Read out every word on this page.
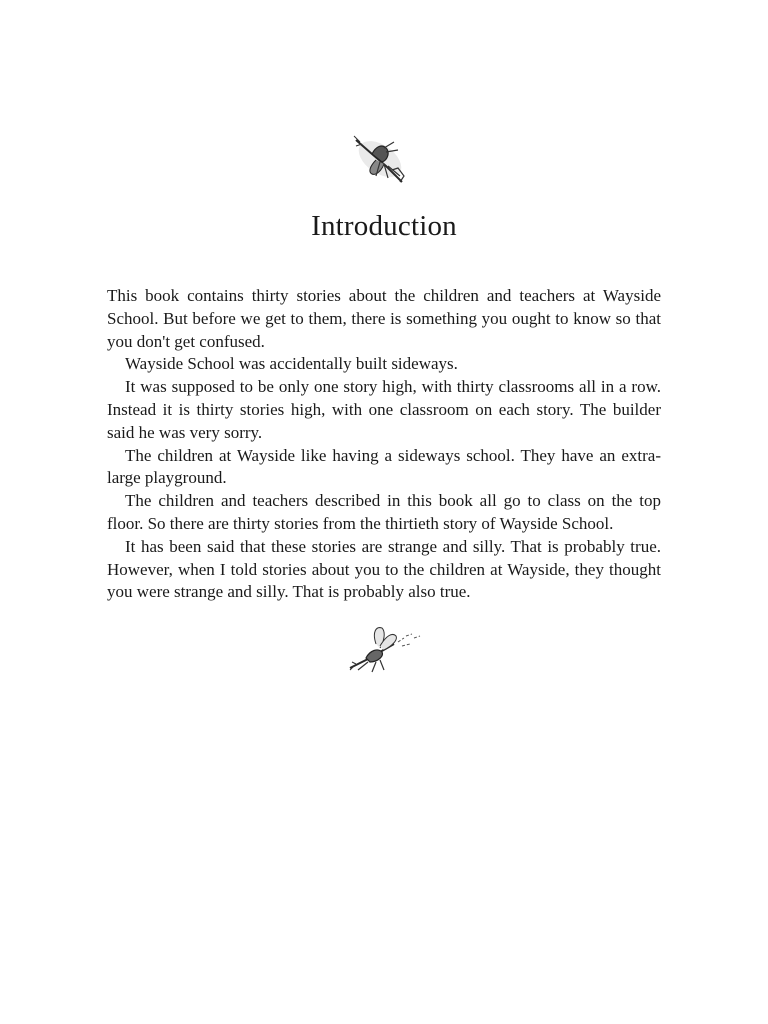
Introduction

This book contains thirty stories about the children and teachers at Wayside School. But before we get to them, there is something you ought to know so that you don't get confused.

Wayside School was accidentally built sideways.

It was supposed to be only one story high, with thirty classrooms all in a row. Instead it is thirty stories high, with one classroom on each story. The builder said he was very sorry.

The children at Wayside like having a sideways school. They have an extra-large playground.

The children and teachers described in this book all go to class on the top floor. So there are thirty stories from the thirtieth story of Wayside School.

It has been said that these stories are strange and silly. That is probably true. However, when I told stories about you to the children at Wayside, they thought you were strange and silly. That is probably also true.
